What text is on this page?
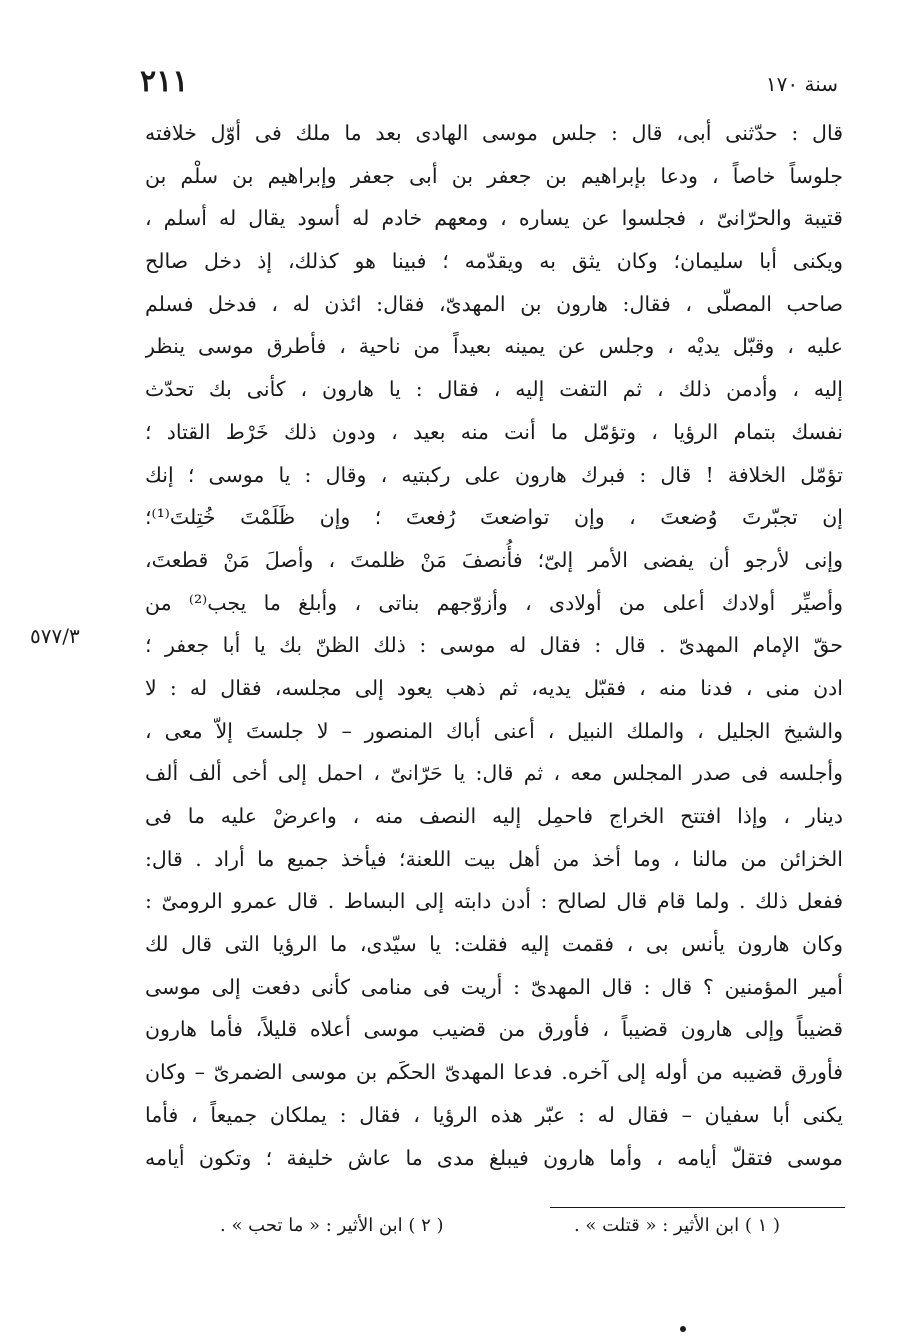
سنة ١٧٠
٢١١
٥٧٧/٣
قال : حدّثنى أبى، قال : جلس موسى الهادى بعد ما ملك فى أوّل خلافته
جلوساً خاصاً ، ودعا بإبراهيم بن جعفر بن أبى جعفر وإبراهيم بن سلْم بن
قتيبة والحرّانىّ ، فجلسوا عن يساره ، ومعهم خادم له أسود يقال له أسلم ،
ويكنى أبا سليمان؛ وكان يثق به ويقدّمه ؛ فبينا هو كذلك، إذ دخل صالح
صاحب المصلّى ، فقال: هارون بن المهدىّ، فقال: ائذن له ، فدخل فسلم
عليه ، وقبّل يديْه ، وجلس عن يمينه بعيداً من ناحية ، فأطرق موسى ينظر
إليه ، وأدمن ذلك ، ثم التفت إليه ، فقال : يا هارون ، كأنى بك تحدّث
نفسك بتمام الرؤيا ، وتؤمّل ما أنت منه بعيد ، ودون ذلك خَرْط القتاد ؛
تؤمّل الخلافة ! قال : فبرك هارون على ركبتيه ، وقال : يا موسى ؛ إنك
إن تجبّرتَ وُضعتَ ، وإن تواضعتَ رُفعتَ ؛ وإن ظَلَمْتَ خُتِلتَ⁽¹⁾؛
وإنى لأرجو أن يفضى الأمر إلىّ؛ فأُنصفَ مَنْ ظلمتَ ، وأصلَ مَنْ قطعتَ،
وأصيِّر أولادك أعلى من أولادى ، وأزوّجهم بناتى ، وأبلغ ما يجب⁽²⁾ من
حقّ الإمام المهدىّ . قال : فقال له موسى : ذلك الظنّ بك يا أبا جعفر ؛
ادن منى ، فدنا منه ، فقبّل يديه، ثم ذهب يعود إلى مجلسه، فقال له : لا
والشيخ الجليل ، والملك النبيل ، أعنى أباك المنصور – لا جلستَ إلاّ معى ،
وأجلسه فى صدر المجلس معه ، ثم قال: يا حَرّانىّ ، احمل إلى أخى ألف ألف
دينار ، وإذا افتتح الخراج فاحمِل إليه النصف منه ، واعرضْ عليه ما فى
الخزائن من مالنا ، وما أخذ من أهل بيت اللعنة؛ فيأخذ جميع ما أراد . قال:
ففعل ذلك . ولما قام قال لصالح : أدن دابته إلى البساط . قال عمرو الرومىّ :
وكان هارون يأنس بى ، فقمت إليه فقلت: يا سيّدى، ما الرؤيا التى قال لك
أمير المؤمنين ؟ قال : قال المهدىّ : أريت فى منامى كأنى دفعت إلى موسى
قضيباً وإلى هارون قضيباً ، فأورق من قضيب موسى أعلاه قليلاً، فأما هارون
فأورق قضيبه من أوله إلى آخره. فدعا المهدىّ الحكَم بن موسى الضمرىّ – وكان
يكنى أبا سفيان – فقال له : عبّر هذه الرؤيا ، فقال : يملكان جميعاً ، فأما
موسى فتقلّ أيامه ، وأما هارون فيبلغ مدى ما عاش خليفة ؛ وتكون أيامه
( ١ ) ابن الأثير : « قتلت » .
( ٢ ) ابن الأثير : « ما تحب » .
